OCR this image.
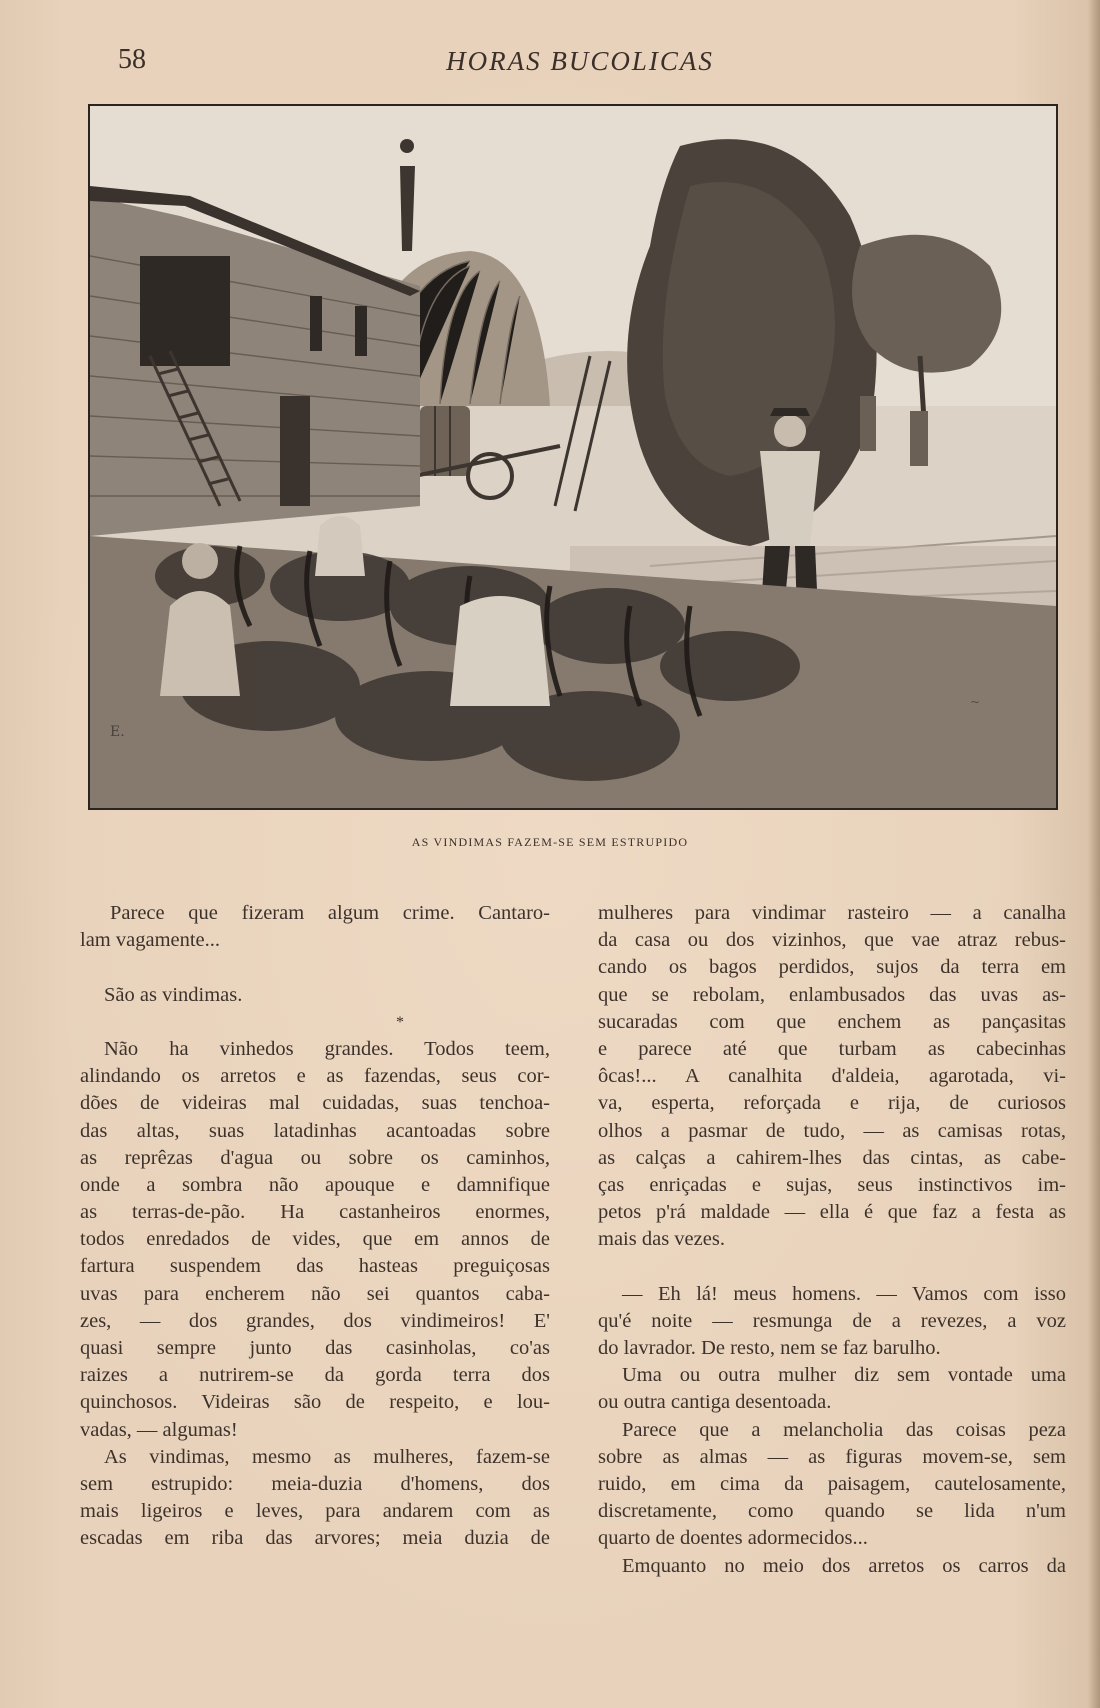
58	HORAS BUCOLICAS
E.
~
AS VINDIMAS FAZEM-SE SEM ESTRUPIDO
Parece que fizeram algum crime. Cantaro-
lam vagamente...
São as vindimas.
*
Não ha vinhedos grandes. Todos teem,
alindando os arretos e as fazendas, seus cor-
dões de videiras mal cuidadas, suas tenchoa-
das altas, suas latadinhas acantoadas sobre
as reprêzas d'agua ou sobre os caminhos,
onde a sombra não apouque e damnifique
as terras-de-pão. Ha castanheiros enormes,
todos enredados de vides, que em annos de
fartura suspendem das hasteas preguiçosas
uvas para encherem não sei quantos caba-
zes, — dos grandes, dos vindimeiros! E'
quasi sempre junto das casinholas, co'as
raizes a nutrirem-se da gorda terra dos
quinchosos. Videiras são de respeito, e lou-
vadas, — algumas!
As vindimas, mesmo as mulheres, fazem-se
sem estrupido: meia-duzia d'homens, dos
mais ligeiros e leves, para andarem com as
escadas em riba das arvores; meia duzia de
mulheres para vindimar rasteiro — a canalha
da casa ou dos vizinhos, que vae atraz rebus-
cando os bagos perdidos, sujos da terra em
que se rebolam, enlambusados das uvas as-
sucaradas com que enchem as pançasitas
e parece até que turbam as cabecinhas
ôcas!... A canalhita d'aldeia, agarotada, vi-
va, esperta, reforçada e rija, de curiosos
olhos a pasmar de tudo, — as camisas rotas,
as calças a cahirem-lhes das cintas, as cabe-
ças enriçadas e sujas, seus instinctivos im-
petos p'rá maldade — ella é que faz a festa as
mais das vezes.
— Eh lá! meus homens. — Vamos com isso
qu'é noite — resmunga de a revezes, a voz
do lavrador. De resto, nem se faz barulho.
Uma ou outra mulher diz sem vontade uma
ou outra cantiga desentoada.
Parece que a melancholia das coisas peza
sobre as almas — as figuras movem-se, sem
ruido, em cima da paisagem, cautelosamente,
discretamente, como quando se lida n'um
quarto de doentes adormecidos...
Emquanto no meio dos arretos os carros da
